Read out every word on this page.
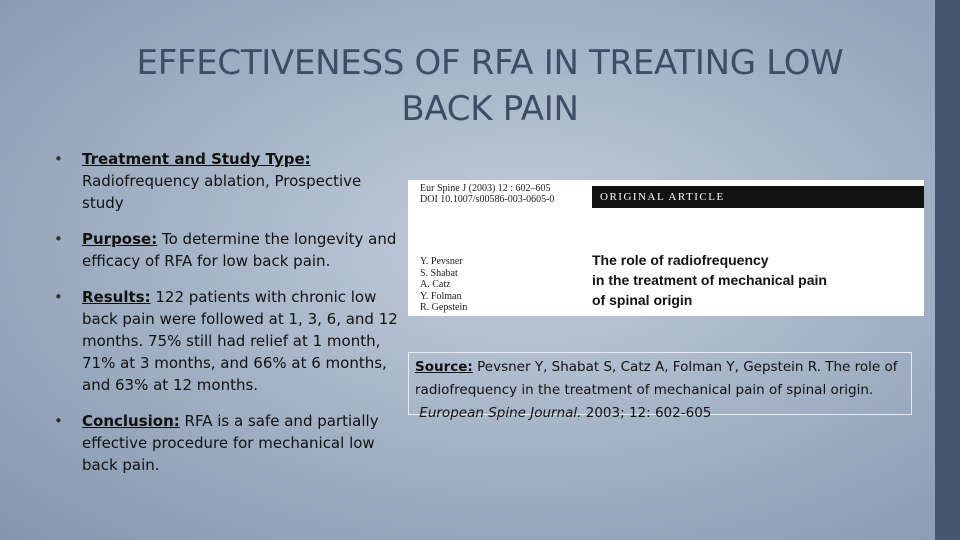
EFFECTIVENESS OF RFA IN TREATING LOW
BACK PAIN
• Treatment and Study Type:
Radiofrequency ablation, Prospective study
• Purpose: To determine the longevity and efficacy of RFA for low back pain.
• Results: 122 patients with chronic low back pain were followed at 1, 3, 6, and 12 months. 75% still had relief at 1 month, 71% at 3 months, and 66% at 6 months, and 63% at 12 months.
• Conclusion: RFA is a safe and partially effective procedure for mechanical low back pain.
Eur Spine J (2003) 12 : 602–605
DOI 10.1007/s00586-003-0605-0	ORIGINAL ARTICLE
Y. Pevsner
S. Shabat
A. Catz
Y. Folman
R. Gepstein
The role of radiofrequency
in the treatment of mechanical pain
of spinal origin
Source: Pevsner Y, Shabat S, Catz A, Folman Y, Gepstein R. The role of radiofrequency in the treatment of mechanical pain of spinal origin. European Spine Journal. 2003; 12: 602-605
